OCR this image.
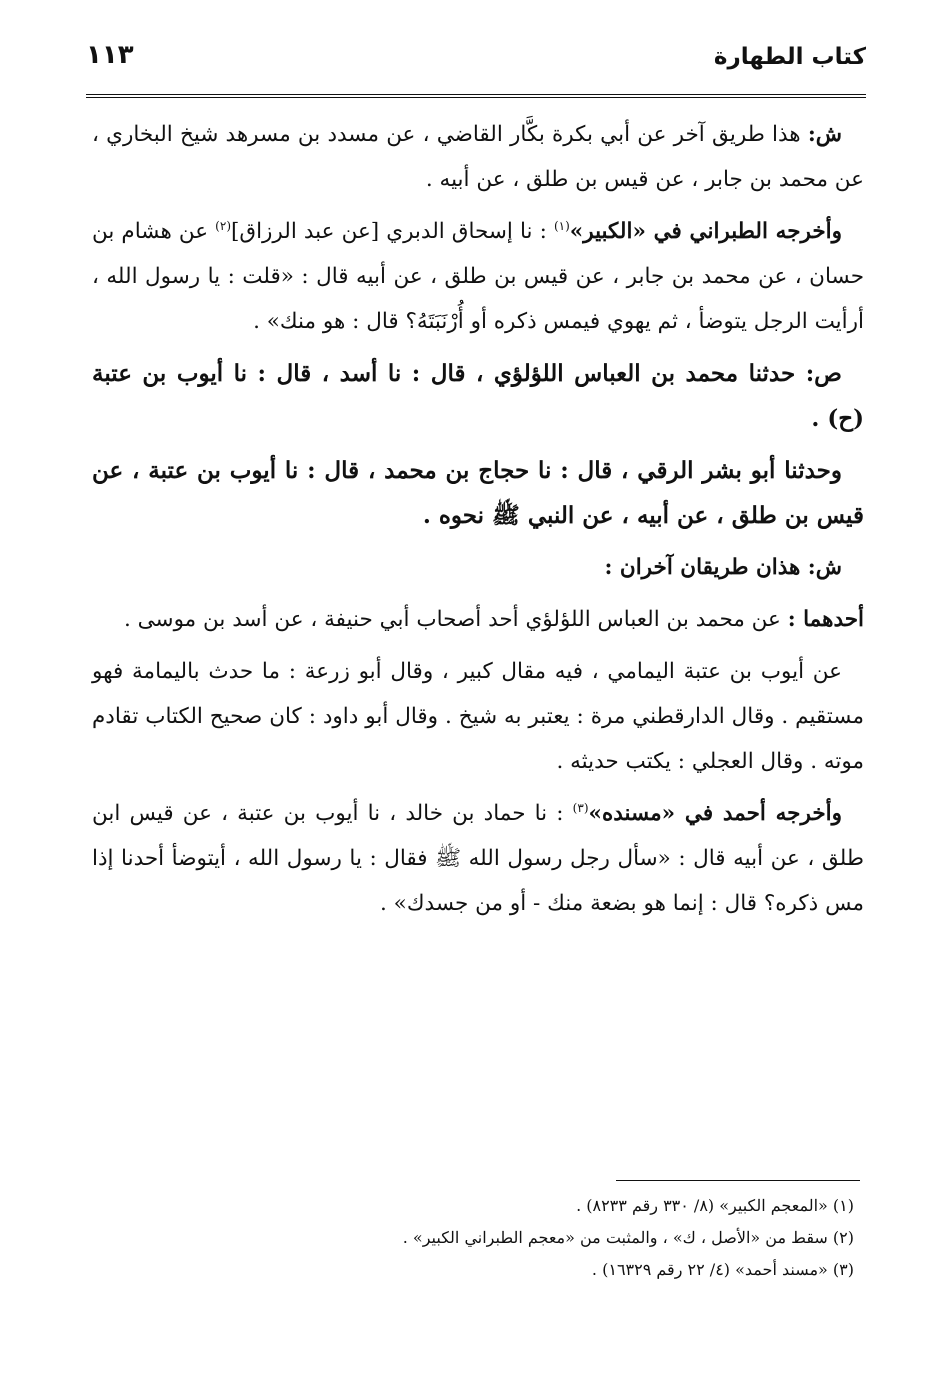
كتاب الطهارة
١١٣

ش: هذا طريق آخر عن أبي بكرة بكَّار القاضي ، عن مسدد بن مسرهد شيخ البخاري ، عن محمد بن جابر ، عن قيس بن طلق ، عن أبيه .

وأخرجه الطبراني في «الكبير»$^{(١)}$ : نا إسحاق الدبري [عن عبد الرزاق]$^{(٢)}$ عن هشام بن حسان ، عن محمد بن جابر ، عن قيس بن طلق ، عن أبيه قال : «قلت : يا رسول الله ، أرأيت الرجل يتوضأ ، ثم يهوي فيمس ذكره أو أُرْنَبَتَهُ؟ قال : هو منك» .

ص: حدثنا محمد بن العباس اللؤلؤي ، قال : نا أسد ، قال : نا أيوب بن عتبة (ح) .

وحدثنا أبو بشر الرقي ، قال : نا حجاج بن محمد ، قال : نا أيوب بن عتبة ، عن قيس بن طلق ، عن أبيه ، عن النبي ﷺ نحوه .

ش: هذان طريقان آخران :

أحدهما : عن محمد بن العباس اللؤلؤي أحد أصحاب أبي حنيفة ، عن أسد بن موسى .

عن أيوب بن عتبة اليمامي ، فيه مقال كبير ، وقال أبو زرعة : ما حدث باليمامة فهو مستقيم . وقال الدارقطني مرة : يعتبر به شيخ . وقال أبو داود : كان صحيح الكتاب تقادم موته . وقال العجلي : يكتب حديثه .

وأخرجه أحمد في «مسنده»$^{(٣)}$ : نا حماد بن خالد ، نا أيوب بن عتبة ، عن قيس ابن طلق ، عن أبيه قال : «سأل رجل رسول الله ﷺ فقال : يا رسول الله ، أيتوضأ أحدنا إذا مس ذكره؟ قال : إنما هو بضعة منك - أو من جسدك» .

(١) «المعجم الكبير» (٨/ ٣٣٠ رقم ٨٢٣٣) .

(٢) سقط من «الأصل ، ك» ، والمثبت من «معجم الطبراني الكبير» .

(٣) «مسند أحمد» (٤/ ٢٢ رقم ١٦٣٢٩) .
